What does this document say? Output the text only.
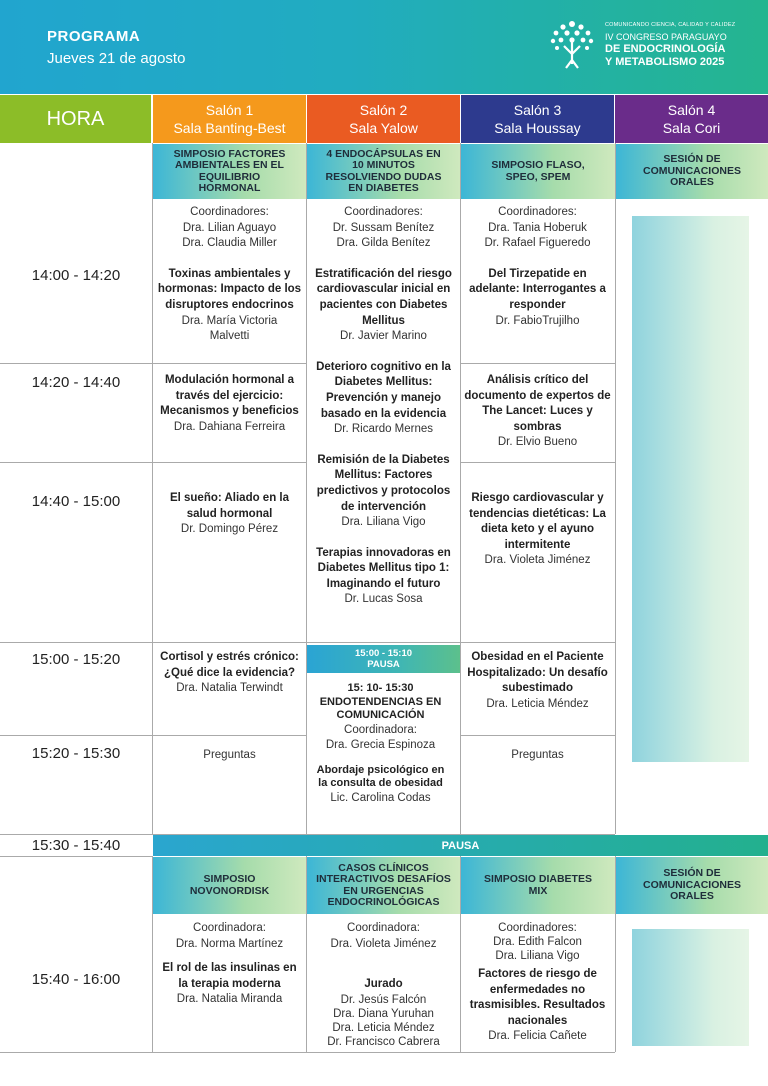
PROGRAMA
Jueves 21 de agosto
COMUNICANDO CIENCIA, CALIDAD Y CALIDEZ
IV CONGRESO PARAGUAYO
DE ENDOCRINOLOGÍA
Y METABOLISMO 2025
HORA	Salón 1
Sala Banting-Best
Salón 2
Sala Yalow
Salón 3
Sala Houssay
Salón 4
Sala Cori
14:00 - 14:20
14:20 - 14:40
14:40 - 15:00
15:00 - 15:20
15:20 - 15:30
15:30 - 15:40
15:40 - 16:00
SIMPOSIO FACTORES AMBIENTALES EN EL EQUILIBRIO HORMONAL
4 ENDOCÁPSULAS EN 10 MINUTOS RESOLVIENDO DUDAS EN DIABETES
SIMPOSIO FLASO, SPEO, SPEM
SESIÓN DE COMUNICACIONES ORALES
Coordinadores:
Dra. Lilian Aguayo
Dra. Claudia Miller
Toxinas ambientales y hormonas: Impacto de los disruptores endocrinos
Dra. María Victoria
Malvetti
Modulación hormonal a través del ejercicio: Mecanismos y beneficios
Dra. Dahiana Ferreira
El sueño: Aliado en la salud hormonal
Dr. Domingo Pérez
Cortisol y estrés crónico: ¿Qué dice la evidencia?
Dra. Natalia Terwindt
Preguntas
Coordinadores:
Dr. Sussam Benítez
Dra. Gilda Benítez
Estratificación del riesgo cardiovascular inicial en pacientes con Diabetes Mellitus
Dr. Javier Marino
Deterioro cognitivo en la Diabetes Mellitus: Prevención y manejo basado en la evidencia
Dr. Ricardo Mernes
Remisión de la Diabetes Mellitus: Factores predictivos y protocolos de intervención
Dra. Liliana Vigo
Terapias innovadoras en Diabetes Mellitus tipo 1: Imaginando el futuro
Dr. Lucas Sosa
15:00 - 15:10
PAUSA
15: 10- 15:30 ENDOTENDENCIAS EN COMUNICACIÓN
Coordinadora:
Dra. Grecia Espinoza
Abordaje psicológico en la consulta de obesidad
Lic. Carolina Codas
Coordinadores:
Dra. Tania Hoberuk
Dr. Rafael Figueredo
Del Tirzepatide en adelante: Interrogantes a responder
Dr. FabioTrujilho
Análisis crítico del documento de expertos de The Lancet: Luces y sombras
Dr. Elvio Bueno
Riesgo cardiovascular y tendencias dietéticas: La dieta keto y el ayuno intermitente
Dra. Violeta Jiménez
Obesidad en el Paciente Hospitalizado: Un desafío subestimado
Dra. Leticia Méndez
Preguntas
PAUSA
SIMPOSIO NOVONORDISK
CASOS CLÍNICOS INTERACTIVOS DESAFÍOS EN URGENCIAS ENDOCRINOLÓGICAS
SIMPOSIO DIABETES MIX
SESIÓN DE COMUNICACIONES ORALES
Coordinadora:
Dra. Norma Martínez
El rol de las insulinas en la terapia moderna
Dra. Natalia Miranda
Coordinadora:
Dra. Violeta Jiménez
Jurado
Dr. Jesús Falcón
Dra. Diana Yuruhan
Dra. Leticia Méndez
Dr. Francisco Cabrera
Coordinadores:
Dra. Edith Falcon
Dra. Liliana Vigo
Factores de riesgo de enfermedades no trasmisibles. Resultados nacionales
Dra. Felicia Cañete
